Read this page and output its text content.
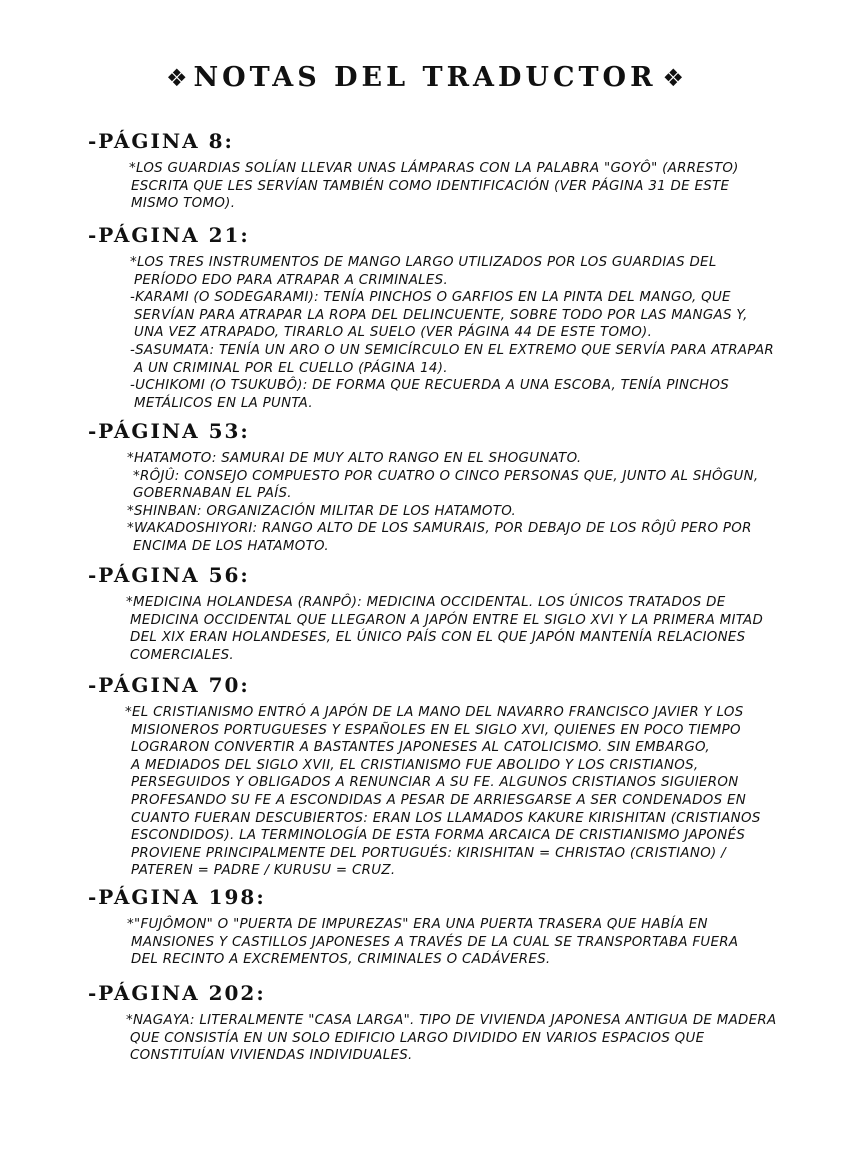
❖ NOTAS DEL TRADUCTOR ❖
-PÁGINA 8:
*LOS GUARDIAS SOLÍAN LLEVAR UNAS LÁMPARAS CON LA PALABRA "GOYÔ" (ARRESTO)
ESCRITA QUE LES SERVÍAN TAMBIÉN COMO IDENTIFICACIÓN (VER PÁGINA 31 DE ESTE
MISMO TOMO).
-PÁGINA 21:
*LOS TRES INSTRUMENTOS DE MANGO LARGO UTILIZADOS POR LOS GUARDIAS DEL
PERÍODO EDO PARA ATRAPAR A CRIMINALES.
-KARAMI (O SODEGARAMI): TENÍA PINCHOS O GARFIOS EN LA PINTA DEL MANGO, QUE
SERVÍAN PARA ATRAPAR LA ROPA DEL DELINCUENTE, SOBRE TODO POR LAS MANGAS Y,
UNA VEZ ATRAPADO, TIRARLO AL SUELO (VER PÁGINA 44 DE ESTE TOMO).
-SASUMATA: TENÍA UN ARO O UN SEMICÍRCULO EN EL EXTREMO QUE SERVÍA PARA ATRAPAR
A UN CRIMINAL POR EL CUELLO (PÁGINA 14).
-UCHIKOMI (O TSUKUBÔ): DE FORMA QUE RECUERDA A UNA ESCOBA, TENÍA PINCHOS
METÁLICOS EN LA PUNTA.
-PÁGINA 53:
*HATAMOTO: SAMURAI DE MUY ALTO RANGO EN EL SHOGUNATO.
*RÔJÛ: CONSEJO COMPUESTO POR CUATRO O CINCO PERSONAS QUE, JUNTO AL SHÔGUN,
GOBERNABAN EL PAÍS.
*SHINBAN: ORGANIZACIÓN MILITAR DE LOS HATAMOTO.
*WAKADOSHIYORI: RANGO ALTO DE LOS SAMURAIS, POR DEBAJO DE LOS RÔJÛ PERO POR
ENCIMA DE LOS HATAMOTO.
-PÁGINA 56:
*MEDICINA HOLANDESA (RANPÔ): MEDICINA OCCIDENTAL. LOS ÚNICOS TRATADOS DE
MEDICINA OCCIDENTAL QUE LLEGARON A JAPÓN ENTRE EL SIGLO XVI Y LA PRIMERA MITAD
DEL XIX ERAN HOLANDESES, EL ÚNICO PAÍS CON EL QUE JAPÓN MANTENÍA RELACIONES
COMERCIALES.
-PÁGINA 70:
*EL CRISTIANISMO ENTRÓ A JAPÓN DE LA MANO DEL NAVARRO FRANCISCO JAVIER Y LOS
MISIONEROS PORTUGUESES Y ESPAÑOLES EN EL SIGLO XVI, QUIENES EN POCO TIEMPO
LOGRARON CONVERTIR A BASTANTES JAPONESES AL CATOLICISMO. SIN EMBARGO,
A MEDIADOS DEL SIGLO XVII, EL CRISTIANISMO FUE ABOLIDO Y LOS CRISTIANOS,
PERSEGUIDOS Y OBLIGADOS A RENUNCIAR A SU FE. ALGUNOS CRISTIANOS SIGUIERON
PROFESANDO SU FE A ESCONDIDAS A PESAR DE ARRIESGARSE A SER CONDENADOS EN
CUANTO FUERAN DESCUBIERTOS: ERAN LOS LLAMADOS KAKURE KIRISHITAN (CRISTIANOS
ESCONDIDOS). LA TERMINOLOGÍA DE ESTA FORMA ARCAICA DE CRISTIANISMO JAPONÉS
PROVIENE PRINCIPALMENTE DEL PORTUGUÉS: KIRISHITAN = CHRISTAO (CRISTIANO) /
PATEREN = PADRE / KURUSU = CRUZ.
-PÁGINA 198:
*"FUJÔMON" O "PUERTA DE IMPUREZAS" ERA UNA PUERTA TRASERA QUE HABÍA EN
MANSIONES Y CASTILLOS JAPONESES A TRAVÉS DE LA CUAL SE TRANSPORTABA FUERA
DEL RECINTO A EXCREMENTOS, CRIMINALES O CADÁVERES.
-PÁGINA 202:
*NAGAYA: LITERALMENTE "CASA LARGA". TIPO DE VIVIENDA JAPONESA ANTIGUA DE MADERA
QUE CONSISTÍA EN UN SOLO EDIFICIO LARGO DIVIDIDO EN VARIOS ESPACIOS QUE
CONSTITUÍAN VIVIENDAS INDIVIDUALES.
